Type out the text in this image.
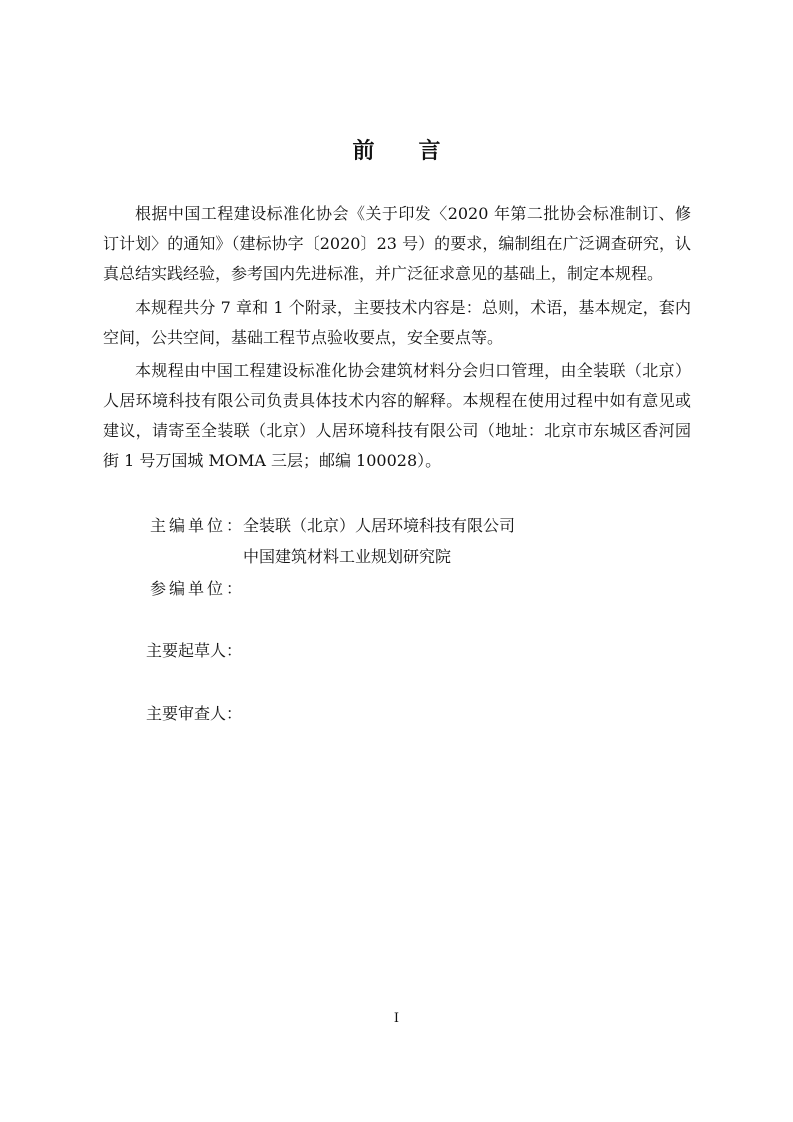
前 言

根据中国工程建设标准化协会《关于印发〈2020 年第二批协会标准制订、修订计划〉的通知》（建标协字〔2020〕23 号）的要求，编制组在广泛调查研究，认真总结实践经验，参考国内先进标准，并广泛征求意见的基础上，制定本规程。

本规程共分 7 章和 1 个附录，主要技术内容是：总则，术语，基本规定，套内空间，公共空间，基础工程节点验收要点，安全要点等。

本规程由中国工程建设标准化协会建筑材料分会归口管理，由全装联（北京）人居环境科技有限公司负责具体技术内容的解释。本规程在使用过程中如有意见或建议，请寄至全装联（北京）人居环境科技有限公司（地址：北京市东城区香河园街 1 号万国城 MOMA 三层；邮编 100028）。

主编单位：
全装联（北京）人居环境科技有限公司
中国建筑材料工业规划研究院
参编单位：
主要起草人：
主要审查人：
I
